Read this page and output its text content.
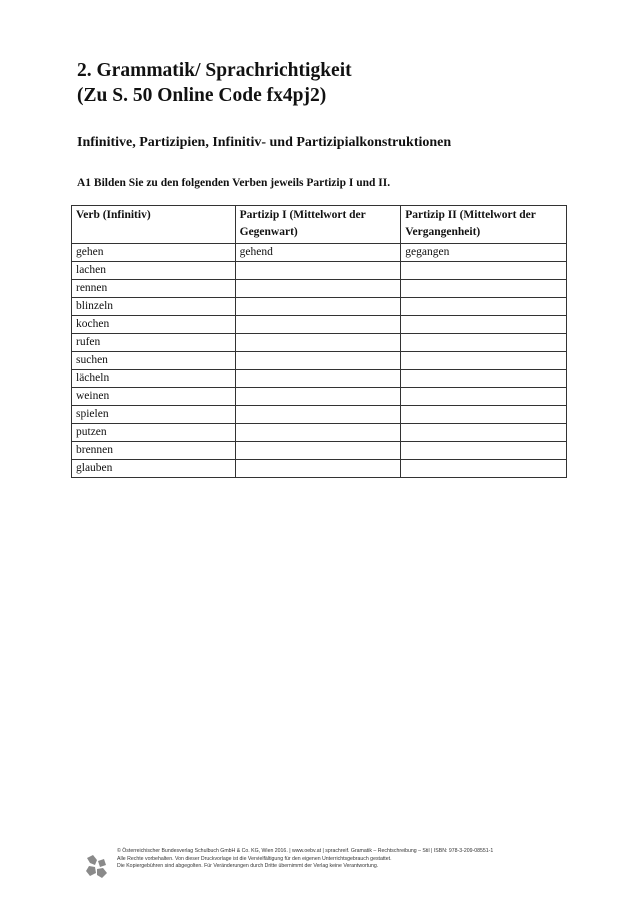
2. Grammatik/ Sprachrichtigkeit
(Zu S. 50 Online Code fx4pj2)
Infinitive, Partizipien, Infinitiv- und Partizipialkonstruktionen

A1 Bilden Sie zu den folgenden Verben jeweils Partizip I und II.

Verb (Infinitiv)	Partizip I (Mittelwort der Gegenwart)	Partizip II (Mittelwort der Vergangenheit)
gehen	gehend	gegangen
lachen		
rennen		
blinzeln		
kochen		
rufen		
suchen		
lächeln		
weinen		
spielen		
putzen		
brennen		
glauben		
© Österreichischer Bundesverlag Schulbuch GmbH & Co. KG, Wien 2016. | www.oebv.at | sprachreif. Gramatik – Rechtschreibung – Stil | ISBN: 978-3-209-08551-1
Alle Rechte vorbehalten. Von dieser Druckvorlage ist die Vervielfältigung für den eigenen Unterrichtsgebrauch gestattet.
Die Kopiergebühren sind abgegolten. Für Veränderungen durch Dritte übernimmt der Verlag keine Verantwortung.
